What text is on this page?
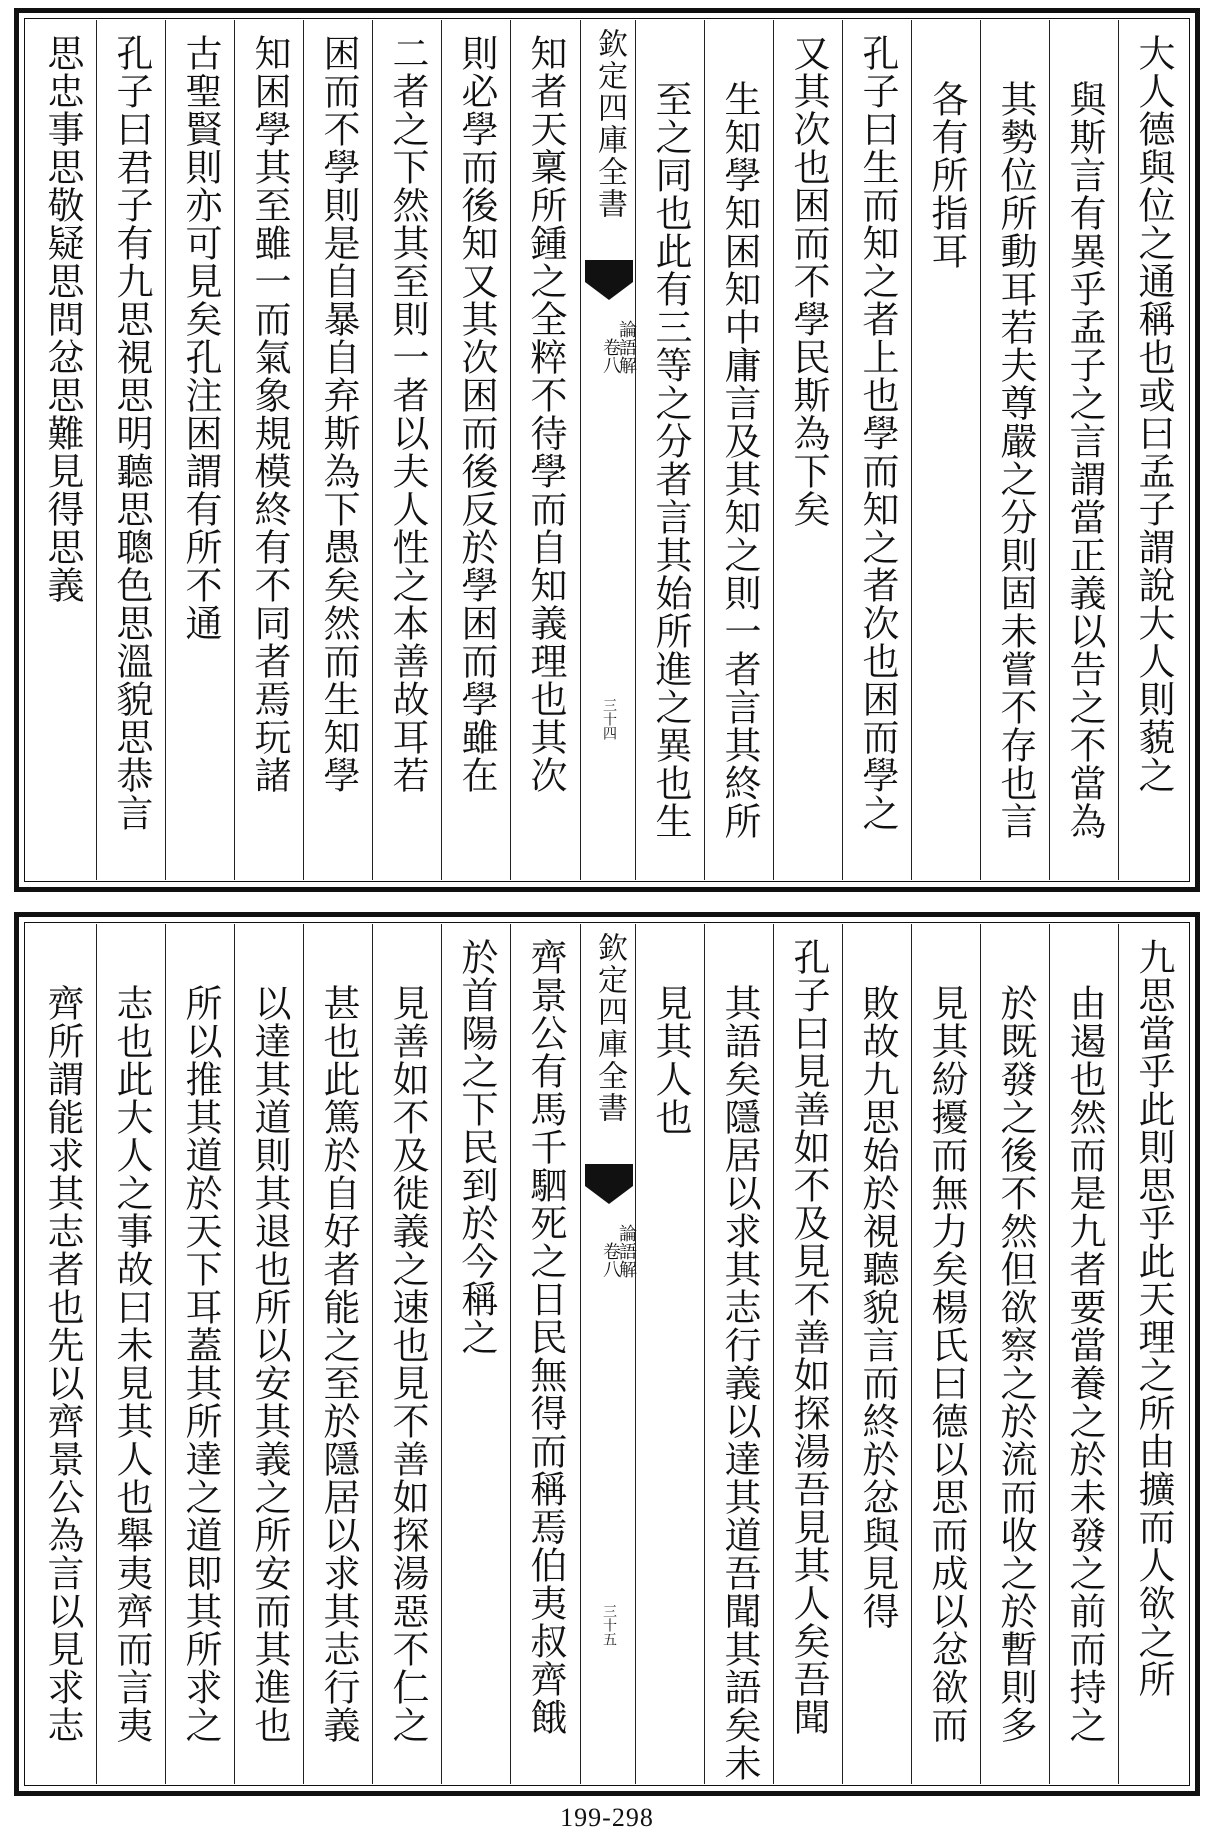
大人德與位之通稱也或曰孟子謂說大人則藐之
與斯言有異乎孟子之言謂當正義以告之不當為
其勢位所動耳若夫尊嚴之分則固未嘗不存也言
各有所指耳
孔子曰生而知之者上也學而知之者次也困而學之
又其次也困而不學民斯為下矣
生知學知困知中庸言及其知之則一者言其終所
至之同也此有三等之分者言其始所進之異也生
欽定四庫全書
論語解
卷八
三十四
知者天稟所鍾之全粹不待學而自知義理也其次
則必學而後知又其次困而後反於學困而學雖在
二者之下然其至則一者以夫人性之本善故耳若
困而不學則是自暴自弃斯為下愚矣然而生知學
知困學其至雖一而氣象規模終有不同者焉玩諸
古聖賢則亦可見矣孔注困謂有所不通
孔子曰君子有九思視思明聽思聰色思溫貌思恭言
思忠事思敬疑思問忿思難見得思義
九思當乎此則思乎此天理之所由擴而人欲之所
由遏也然而是九者要當養之於未發之前而持之
於既發之後不然但欲察之於流而收之於暫則多
見其紛擾而無力矣楊氏曰德以思而成以忿欲而
敗故九思始於視聽貌言而終於忿與見得
孔子曰見善如不及見不善如探湯吾見其人矣吾聞
其語矣隱居以求其志行義以達其道吾聞其語矣未
見其人也
欽定四庫全書
論語解
卷八
三十五
齊景公有馬千駟死之日民無得而稱焉伯夷叔齊餓
於首陽之下民到於今稱之
見善如不及徙義之速也見不善如探湯惡不仁之
甚也此篤於自好者能之至於隱居以求其志行義
以達其道則其退也所以安其義之所安而其進也
所以推其道於天下耳蓋其所達之道即其所求之
志也此大人之事故曰未見其人也舉夷齊而言夷
齊所謂能求其志者也先以齊景公為言以見求志
199-298
